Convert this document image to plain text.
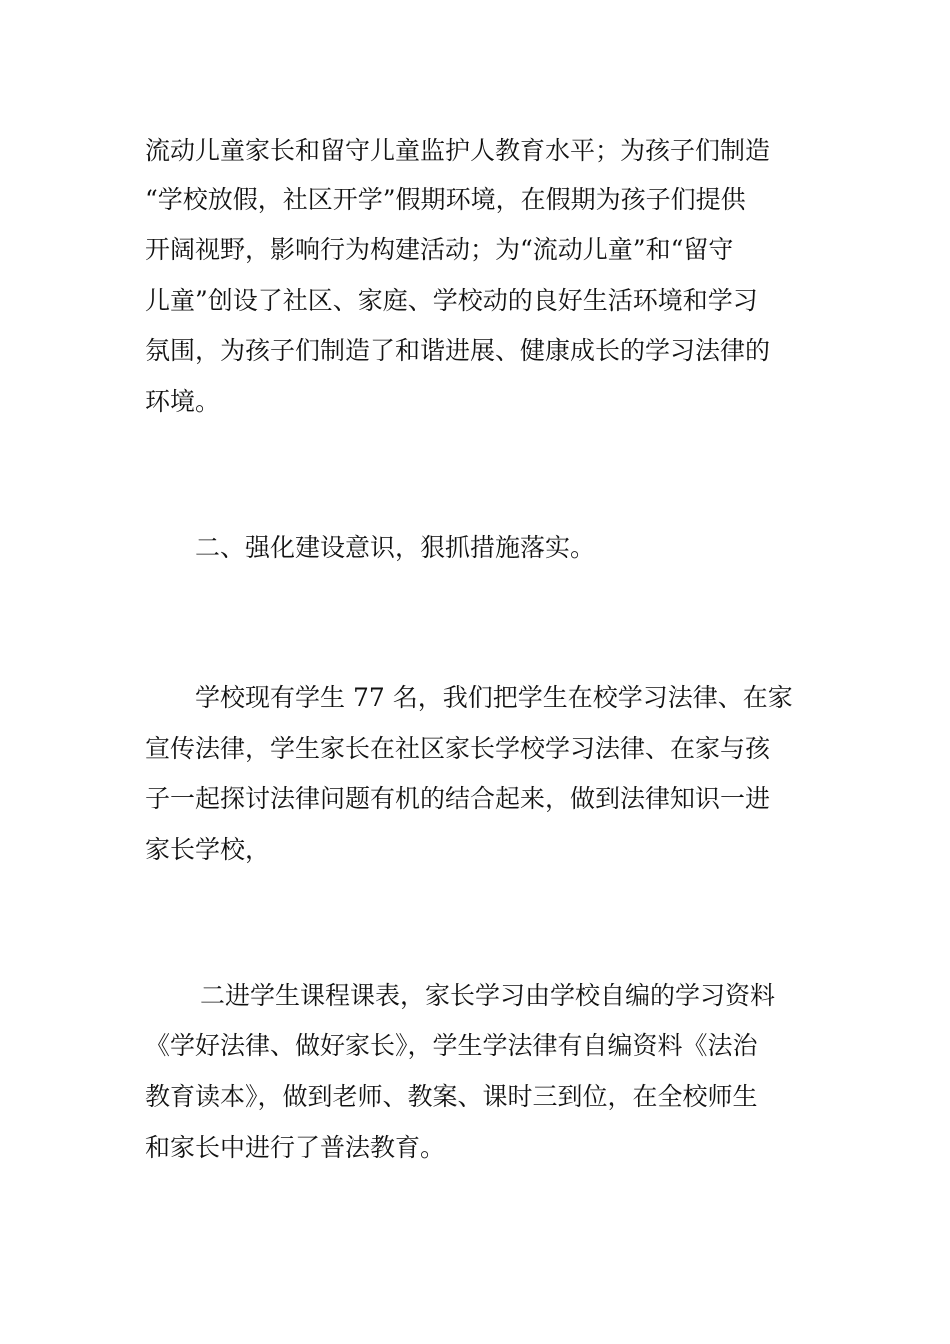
流动儿童家长和留守儿童监护人教育水平；为孩子们制造
“学校放假，社区开学”假期环境，在假期为孩子们提供
开阔视野，影响行为构建活动；为“流动儿童”和“留守
儿童”创设了社区、家庭、学校动的良好生活环境和学习
氛围，为孩子们制造了和谐进展、健康成长的学习法律的
环境。
二、强化建设意识，狠抓措施落实。
学校现有学生 77 名，我们把学生在校学习法律、在家
宣传法律，学生家长在社区家长学校学习法律、在家与孩
子一起探讨法律问题有机的结合起来，做到法律知识一进
家长学校，
二进学生课程课表，家长学习由学校自编的学习资料
《学好法律、做好家长》，学生学法律有自编资料《法治
教育读本》，做到老师、教案、课时三到位，在全校师生
和家长中进行了普法教育。
